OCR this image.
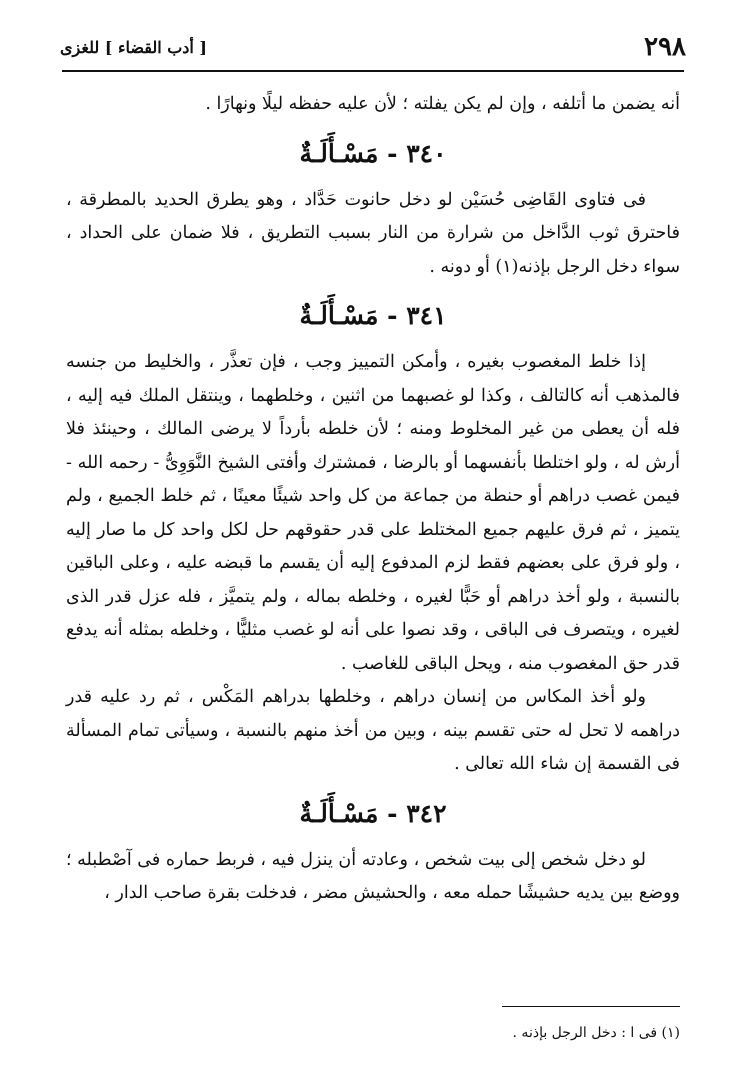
٢٩٨
[ أدب القضاء ] للغزى

أنه يضمن ما أتلفه ، وإن لم يكن يفلته ؛ لأن عليه حفظه ليلًا ونهارًا .

٣٤٠ - مَسْـأَلَـةٌ

فى فتاوى القَاضِى حُسَيْن لو دخل حانوت حَدَّاد ، وهو يطرق الحديد بالمطرقة ، فاحترق ثوب الدَّاخل من شرارة من النار بسبب التطريق ، فلا ضمان على الحداد ، سواء دخل الرجل بإذنه(١) أو دونه .

٣٤١ - مَسْـأَلَـةٌ

إذا خلط المغصوب بغيره ، وأمكن التمييز وجب ، فإن تعذَّر ، والخليط من جنسه فالمذهب أنه كالتالف ، وكذا لو غصبهما من اثنين ، وخلطهما ، وينتقل الملك فيه إليه ، فله أن يعطى من غير المخلوط ومنه ؛ لأن خلطه بأرداً لا يرضى المالك ، وحينئذ فلا أرش له ، ولو اختلطا بأنفسهما أو بالرضا ، فمشترك وأفتى الشيخ النَّوَوِىُّ - رحمه الله - فيمن غصب دراهم أو حنطة من جماعة من كل واحد شيئًا معينًا ، ثم خلط الجميع ، ولم يتميز ، ثم فرق عليهم جميع المختلط على قدر حقوقهم حل لكل واحد كل ما صار إليه ، ولو فرق على بعضهم فقط لزم المدفوع إليه أن يقسم ما قبضه عليه ، وعلى الباقين بالنسبة ، ولو أخذ دراهم أو حَبًّا لغيره ، وخلطه بماله ، ولم يتميَّز ، فله عزل قدر الذى لغيره ، ويتصرف فى الباقى ، وقد نصوا على أنه لو غصب مثليًّا ، وخلطه بمثله أنه يدفع قدر حق المغصوب منه ، ويحل الباقى للغاصب .

ولو أخذ المكاس من إنسان دراهم ، وخلطها بدراهم المَكْس ، ثم رد عليه قدر دراهمه لا تحل له حتى تقسم بينه ، وبين من أخذ منهم بالنسبة ، وسيأتى تمام المسألة فى القسمة إن شاء الله تعالى .

٣٤٢ - مَسْـأَلَـةٌ

لو دخل شخص إلى بيت شخص ، وعادته أن ينزل فيه ، فربط حماره فى آصْطبله ؛ ووضع بين يديه حشيشًا حمله معه ، والحشيش مضر ، فدخلت بقرة صاحب الدار ،

(١) فى ا : دخل الرجل بإذنه .
